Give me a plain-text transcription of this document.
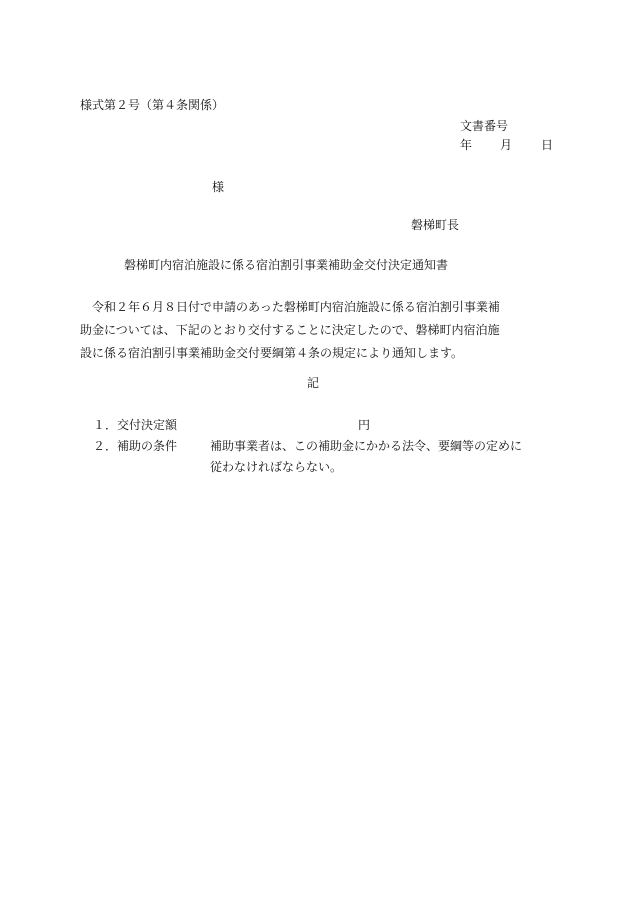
様式第２号（第４条関係）
文書番号
年 月 日
様
磐梯町長
磐梯町内宿泊施設に係る宿泊割引事業補助金交付決定通知書

令和２年６月８日付で申請のあった磐梯町内宿泊施設に係る宿泊割引事業補

助金については、下記のとおり交付することに決定したので、磐梯町内宿泊施

設に係る宿泊割引事業補助金交付要綱第４条の規定により通知します。

記
１．交付決定額	円
２．補助の条件	補助事業者は、この補助金にかかる法令、要綱等の定めに
従わなければならない。
